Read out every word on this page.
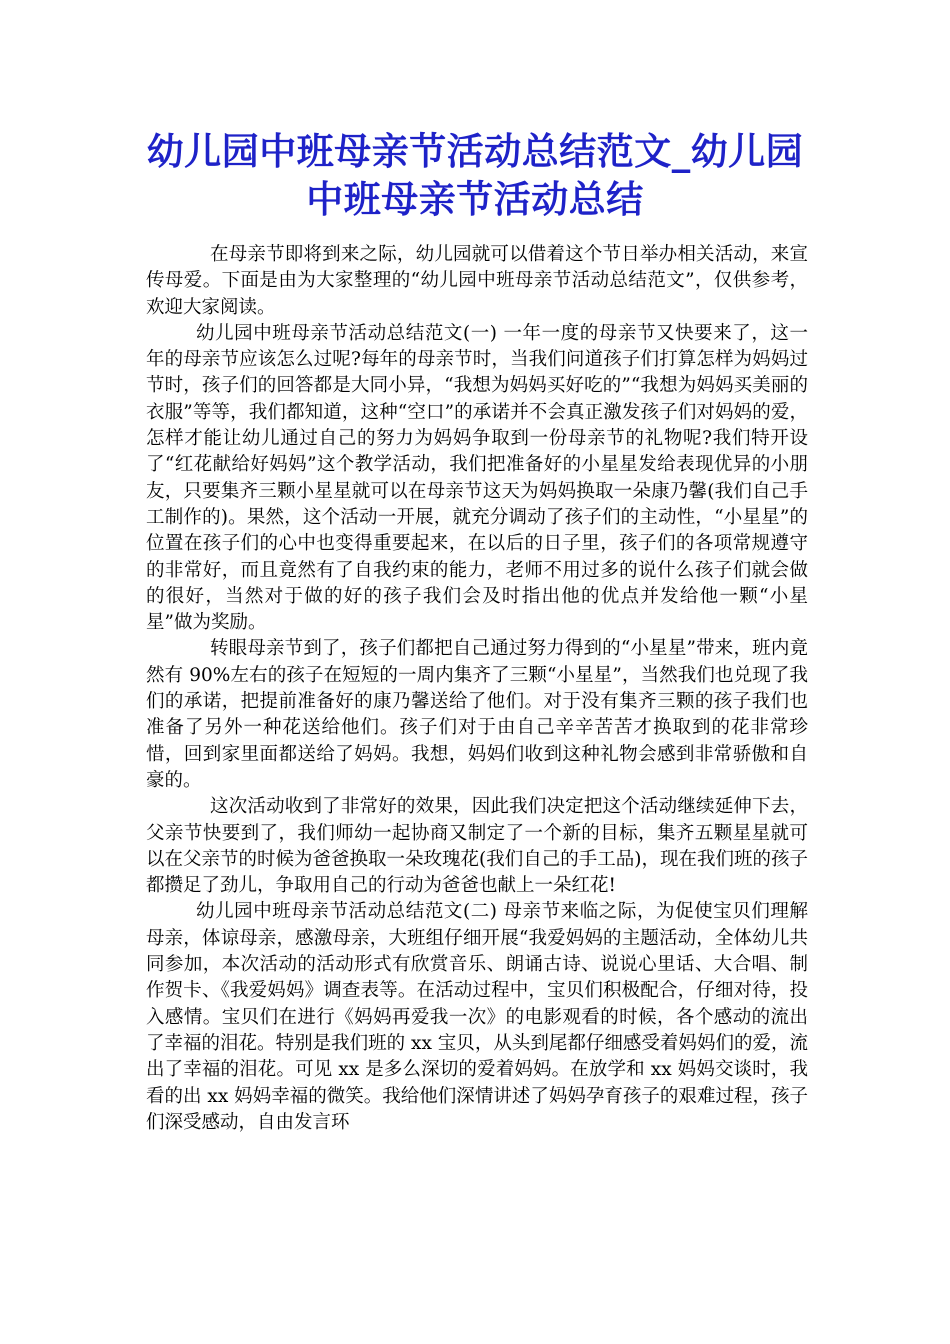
幼儿园中班母亲节活动总结范文_幼儿园中班母亲节活动总结

在母亲节即将到来之际，幼儿园就可以借着这个节日举办相关活动，来宣传母爱。下面是由为大家整理的“幼儿园中班母亲节活动总结范文”，仅供参考，欢迎大家阅读。

幼儿园中班母亲节活动总结范文(一) 一年一度的母亲节又快要来了，这一年的母亲节应该怎么过呢?每年的母亲节时，当我们问道孩子们打算怎样为妈妈过节时，孩子们的回答都是大同小异，“我想为妈妈买好吃的”“我想为妈妈买美丽的衣服”等等，我们都知道，这种“空口”的承诺并不会真正激发孩子们对妈妈的爱，怎样才能让幼儿通过自己的努力为妈妈争取到一份母亲节的礼物呢?我们特开设了“红花献给好妈妈”这个教学活动，我们把准备好的小星星发给表现优异的小朋友，只要集齐三颗小星星就可以在母亲节这天为妈妈换取一朵康乃馨(我们自己手工制作的)。果然，这个活动一开展，就充分调动了孩子们的主动性，“小星星”的位置在孩子们的心中也变得重要起来，在以后的日子里，孩子们的各项常规遵守的非常好，而且竟然有了自我约束的能力，老师不用过多的说什么孩子们就会做的很好，当然对于做的好的孩子我们会及时指出他的优点并发给他一颗“小星星”做为奖励。

转眼母亲节到了，孩子们都把自己通过努力得到的“小星星”带来，班内竟然有 90%左右的孩子在短短的一周内集齐了三颗“小星星”，当然我们也兑现了我们的承诺，把提前准备好的康乃馨送给了他们。对于没有集齐三颗的孩子我们也准备了另外一种花送给他们。孩子们对于由自己辛辛苦苦才换取到的花非常珍惜，回到家里面都送给了妈妈。我想，妈妈们收到这种礼物会感到非常骄傲和自豪的。

这次活动收到了非常好的效果，因此我们决定把这个活动继续延伸下去，父亲节快要到了，我们师幼一起协商又制定了一个新的目标，集齐五颗星星就可以在父亲节的时候为爸爸换取一朵玫瑰花(我们自己的手工品)，现在我们班的孩子都攒足了劲儿，争取用自己的行动为爸爸也献上一朵红花!

幼儿园中班母亲节活动总结范文(二) 母亲节来临之际，为促使宝贝们理解母亲，体谅母亲，感激母亲，大班组仔细开展“我爱妈妈的主题活动，全体幼儿共同参加，本次活动的活动形式有欣赏音乐、朗诵古诗、说说心里话、大合唱、制作贺卡、《我爱妈妈》调查表等。在活动过程中，宝贝们积极配合，仔细对待，投入感情。宝贝们在进行《妈妈再爱我一次》的电影观看的时候，各个感动的流出了幸福的泪花。特别是我们班的 xx 宝贝，从头到尾都仔细感受着妈妈们的爱，流出了幸福的泪花。可见 xx 是多么深切的爱着妈妈。在放学和 xx 妈妈交谈时，我看的出 xx 妈妈幸福的微笑。我给他们深情讲述了妈妈孕育孩子的艰难过程，孩子们深受感动，自由发言环
